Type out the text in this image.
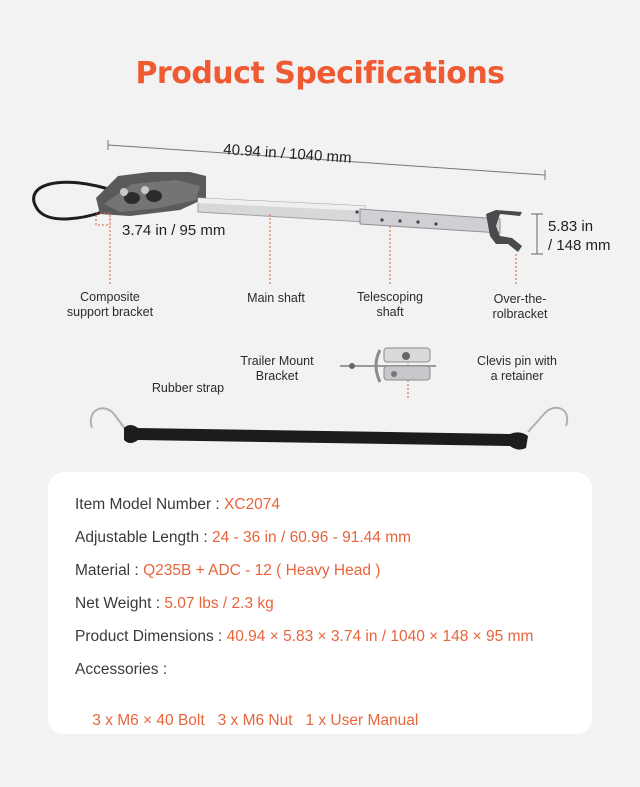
Product Specifications
40.94 in / 1040 mm
3.74 in / 95 mm	5.83 in
/ 148 mm
Composite
support bracket
Main shaft	Telescoping
shaft
Over-the-
rolbracket
Trailer Mount
Bracket
Clevis pin with
a retainer
Rubber strap
Item Model Number : XC2074
Adjustable Length : 24 - 36 in / 60.96 - 91.44 mm
Material : Q235B + ADC - 12 ( Heavy Head )
Net Weight : 5.07 lbs / 2.3 kg
Product Dimensions : 40.94 × 5.83 × 3.74 in / 1040 × 148 × 95 mm
Accessories :

3 x M6 × 40 Bolt   3 x M6 Nut   1 x User Manual
